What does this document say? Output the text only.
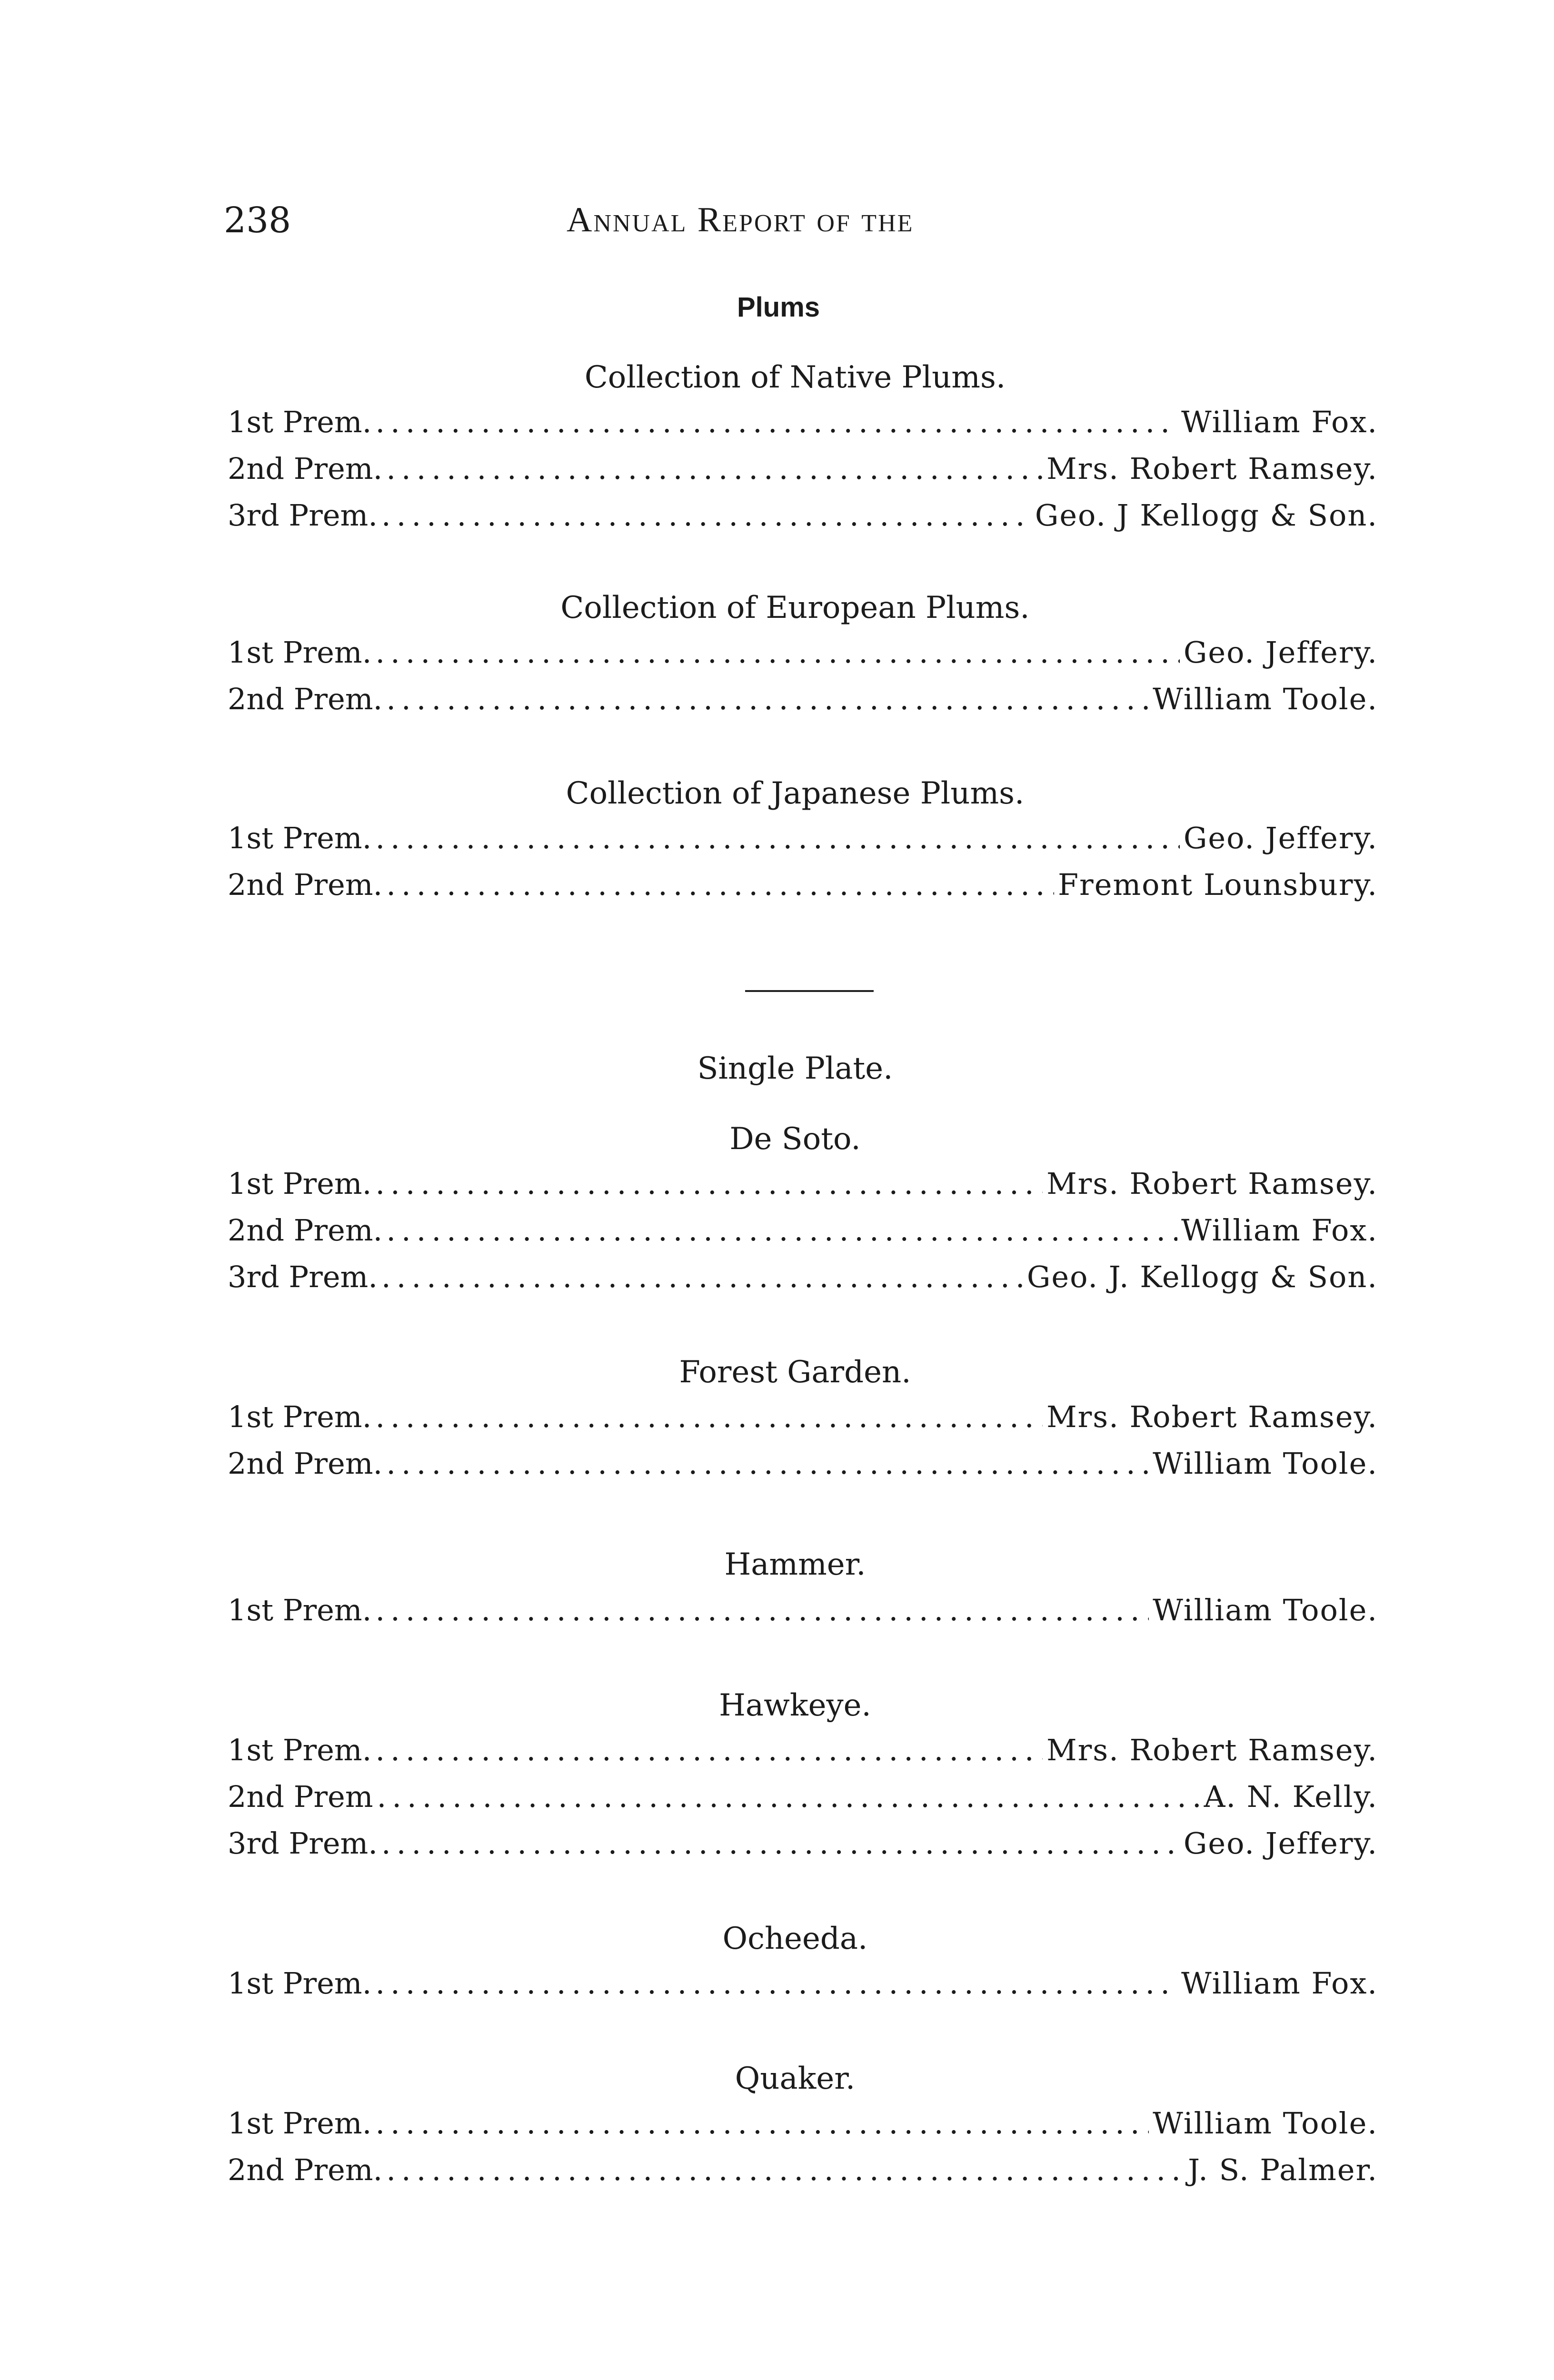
238	Annual Report of the
Plums
Collection of Native Plums.
1st Prem. .....	William Fox.
2nd Prem. .....	Mrs. Robert Ramsey.
3rd Prem. .....	Geo. J Kellogg & Son.
Collection of European Plums.
1st Prem. .....	Geo. Jeffery.
2nd Prem. .....	William Toole.
Collection of Japanese Plums.
1st Prem. .....	Geo. Jeffery.
2nd Prem. .....	Fremont Lounsbury.
Single Plate.
De Soto.
1st Prem. .....	Mrs. Robert Ramsey.
2nd Prem. .....	William Fox.
3rd Prem. .....	Geo. J. Kellogg & Son.
Forest Garden.
1st Prem. .....	Mrs. Robert Ramsey.
2nd Prem. .....	William Toole.
Hammer.
1st Prem. .....	William Toole.
Hawkeye.
1st Prem. .....	Mrs. Robert Ramsey.
2nd Prem .....	A. N. Kelly.
3rd Prem. .....	Geo. Jeffery.
Ocheeda.
1st Prem. .....	William Fox.
Quaker.
1st Prem. .....	William Toole.
2nd Prem. .....	J. S. Palmer.
